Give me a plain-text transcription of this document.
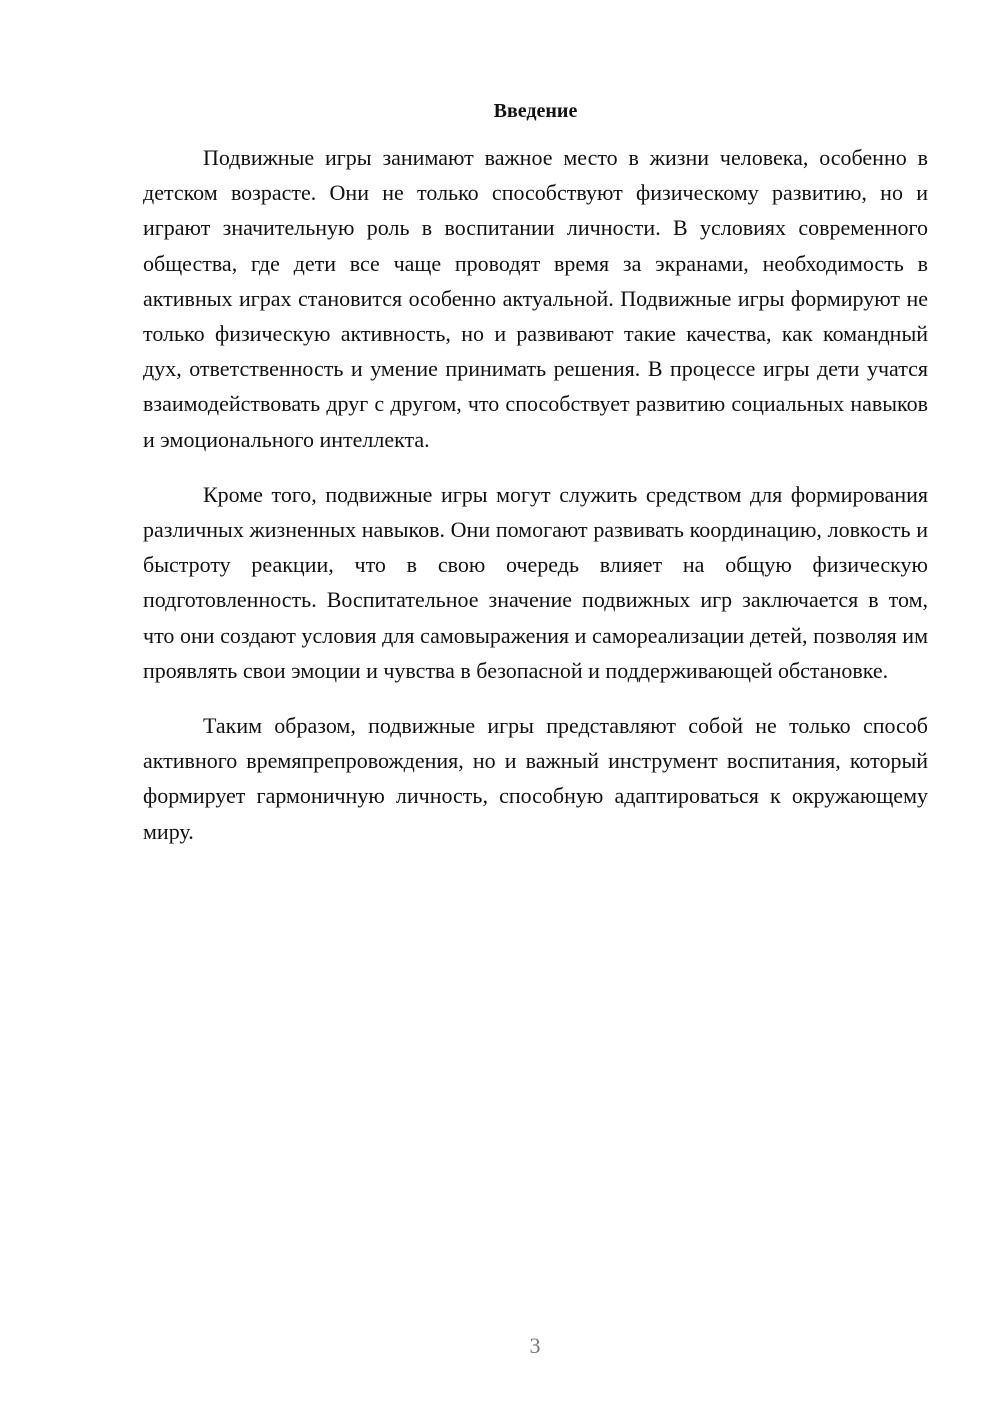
Введение

Подвижные игры занимают важное место в жизни человека, особенно в детском возрасте. Они не только способствуют физическому развитию, но и играют значительную роль в воспитании личности. В условиях современного общества, где дети все чаще проводят время за экранами, необходимость в активных играх становится особенно актуальной. Подвижные игры формируют не только физическую активность, но и развивают такие качества, как командный дух, ответственность и умение принимать решения. В процессе игры дети учатся взаимодействовать друг с другом, что способствует развитию социальных навыков и эмоционального интеллекта.

Кроме того, подвижные игры могут служить средством для формирования различных жизненных навыков. Они помогают развивать координацию, ловкость и быстроту реакции, что в свою очередь влияет на общую физическую подготовленность. Воспитательное значение подвижных игр заключается в том, что они создают условия для самовыражения и самореализации детей, позволяя им проявлять свои эмоции и чувства в безопасной и поддерживающей обстановке.

Таким образом, подвижные игры представляют собой не только способ активного времяпрепровождения, но и важный инструмент воспитания, который формирует гармоничную личность, способную адаптироваться к окружающему миру.

3
